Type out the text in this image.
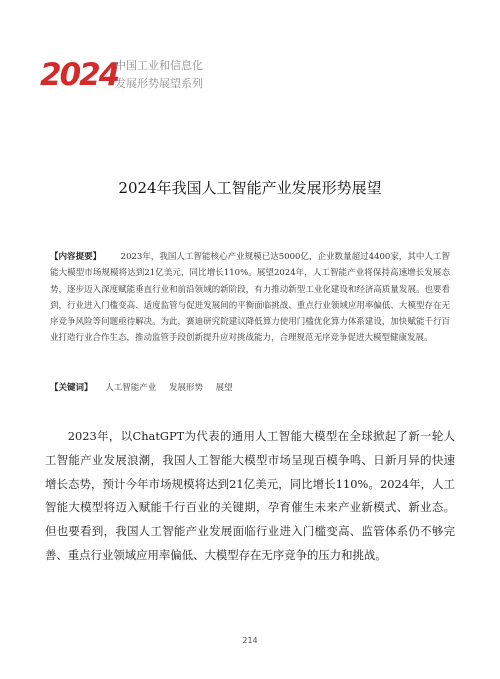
2024
中国工业和信息化
发展形势展望系列
2024年我国人工智能产业发展形势展望
【内容提要】 2023年，我国人工智能核心产业规模已达5000亿，企业数量超过4400家，其中人工智能大模型市场规模将达到21亿美元，同比增长110%。展望2024年，人工智能产业将保持高速增长发展态势，逐步迈入深度赋能垂直行业和前沿领域的新阶段，有力推动新型工业化建设和经济高质量发展。也要看到，行业进入门槛变高、适度监管与促进发展间的平衡面临挑战、重点行业领域应用率偏低、大模型存在无序竞争风险等问题亟待解决。为此，赛迪研究院建议降低算力使用门槛优化算力体系建设，加快赋能千行百业打造行业合作生态，推动监管手段创新提升应对挑战能力，合理规范无序竞争促进大模型健康发展。
【关键词】 人工智能产业 发展形势 展望

2023年，以ChatGPT为代表的通用人工智能大模型在全球掀起了新一轮人工智能产业发展浪潮，我国人工智能大模型市场呈现百模争鸣、日新月异的快速增长态势，预计今年市场规模将达到21亿美元，同比增长110%。2024年，人工智能大模型将迈入赋能千行百业的关键期，孕育催生未来产业新模式、新业态。但也要看到，我国人工智能产业发展面临行业进入门槛变高、监管体系仍不够完善、重点行业领域应用率偏低、大模型存在无序竞争的压力和挑战。

214
